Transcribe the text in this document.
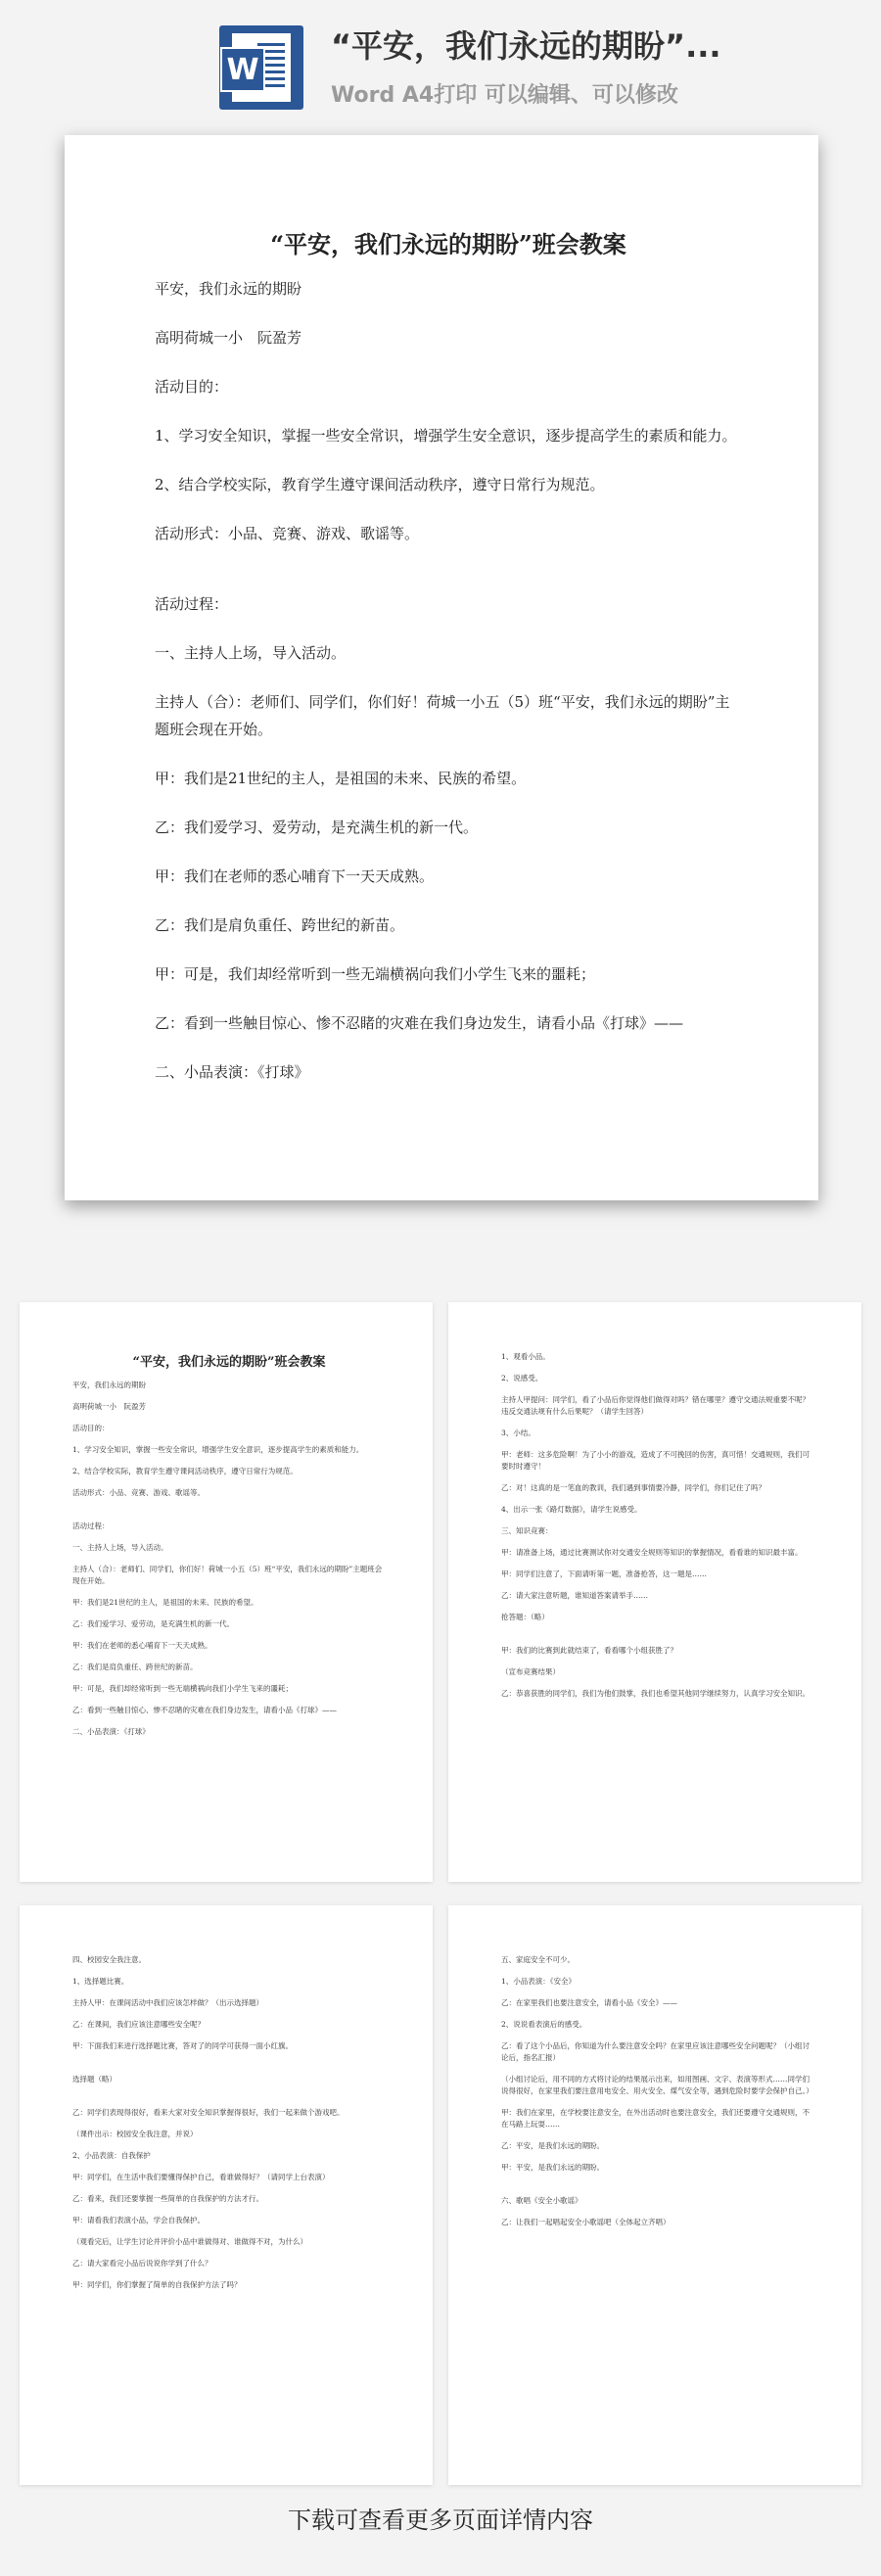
W
“平安，我们永远的期盼”...
Word A4打印 可以编辑、可以修改
“平安，我们永远的期盼”班会教案

平安，我们永远的期盼

高明荷城一小　阮盈芳

活动目的：

1、学习安全知识，掌握一些安全常识，增强学生安全意识，逐步提高学生的素质和能力。

2、结合学校实际，教育学生遵守课间活动秩序，遵守日常行为规范。

活动形式：小品、竞赛、游戏、歌谣等。

活动过程：

一、主持人上场，导入活动。

主持人（合）：老师们、同学们，你们好！荷城一小五（5）班“平安，我们永远的期盼”主题班会现在开始。

甲：我们是21世纪的主人，是祖国的未来、民族的希望。

乙：我们爱学习、爱劳动，是充满生机的新一代。

甲：我们在老师的悉心哺育下一天天成熟。

乙：我们是肩负重任、跨世纪的新苗。

甲：可是，我们却经常听到一些无端横祸向我们小学生飞来的噩耗；

乙：看到一些触目惊心、惨不忍睹的灾难在我们身边发生，请看小品《打球》——

二、小品表演：《打球》

“平安，我们永远的期盼”班会教案

平安，我们永远的期盼

高明荷城一小　阮盈芳

活动目的：

1、学习安全知识，掌握一些安全常识，增强学生安全意识，逐步提高学生的素质和能力。

2、结合学校实际，教育学生遵守课间活动秩序，遵守日常行为规范。

活动形式：小品、竞赛、游戏、歌谣等。

活动过程：

一、主持人上场，导入活动。

主持人（合）：老师们、同学们，你们好！荷城一小五（5）班“平安，我们永远的期盼”主题班会现在开始。

甲：我们是21世纪的主人，是祖国的未来、民族的希望。

乙：我们爱学习、爱劳动，是充满生机的新一代。

甲：我们在老师的悉心哺育下一天天成熟。

乙：我们是肩负重任、跨世纪的新苗。

甲：可是，我们却经常听到一些无端横祸向我们小学生飞来的噩耗；

乙：看到一些触目惊心、惨不忍睹的灾难在我们身边发生，请看小品《打球》——

二、小品表演：《打球》

1、观看小品。

2、说感受。

主持人甲提问：同学们，看了小品后你觉得他们做得对吗？错在哪里？遵守交通法规重要不呢？违反交通法规有什么后果呢？（请学生回答）

3、小结。

甲：老师：这多危险啊！为了小小的游戏，造成了不可挽回的伤害，真可惜！交通规则，我们可要时时遵守！

乙：对！这真的是一笔血的教训，我们遇到事情要冷静，同学们，你们记住了吗？

4、出示一张《路灯数据》，请学生说感受。

三、知识竞赛：

甲：请准备上场，通过比赛测试你对交通安全规则等知识的掌握情况，看看谁的知识最丰富。

甲：同学们注意了，下面请听第一题，准备抢答，这一题是……

乙：请大家注意听题，谁知道答案请举手……

抢答题：（略）

甲：我们的比赛到此就结束了，看看哪个小组获胜了？

（宣布竞赛结果）

乙：恭喜获胜的同学们，我们为他们鼓掌，我们也希望其他同学继续努力，认真学习安全知识。

四、校园安全我注意。

1、选择题比赛。

主持人甲：在课间活动中我们应该怎样做？（出示选择题）

乙：在课间，我们应该注意哪些安全呢？

甲：下面我们来进行选择题比赛，答对了的同学可获得一面小红旗。

选择题（略）

乙：同学们表现得很好，看来大家对安全知识掌握得很好，我们一起来做个游戏吧。

（课件出示：校园安全我注意，并说）

2、小品表演：自我保护

甲：同学们，在生活中我们要懂得保护自己，看谁做得好？（请同学上台表演）

乙：看来，我们还要掌握一些简单的自我保护的方法才行。

甲：请看我们表演小品，学会自我保护。

（观看完后，让学生讨论并评价小品中谁做得对、谁做得不对，为什么）

乙：请大家看完小品后说说你学到了什么？

甲：同学们，你们掌握了简单的自我保护方法了吗？

五、家庭安全不可少。

1、小品表演：《安全》

乙：在家里我们也要注意安全，请看小品《安全》——

2、说说看表演后的感受。

乙：看了这个小品后，你知道为什么要注意安全吗？在家里应该注意哪些安全问题呢？（小组讨论后，指名汇报）

（小组讨论后，用不同的方式将讨论的结果展示出来，如用图画、文字、表演等形式……同学们说得很好，在家里我们要注意用电安全、用火安全、煤气安全等，遇到危险时要学会保护自己。）

甲：我们在家里，在学校要注意安全，在外出活动时也要注意安全，我们还要遵守交通规则，不在马路上玩耍……

乙：平安，是我们永远的期盼。

甲：平安，是我们永远的期盼。

六、歌唱《安全小歌谣》

乙：让我们一起唱起安全小歌谣吧（全体起立齐唱）

下载可查看更多页面详情内容
